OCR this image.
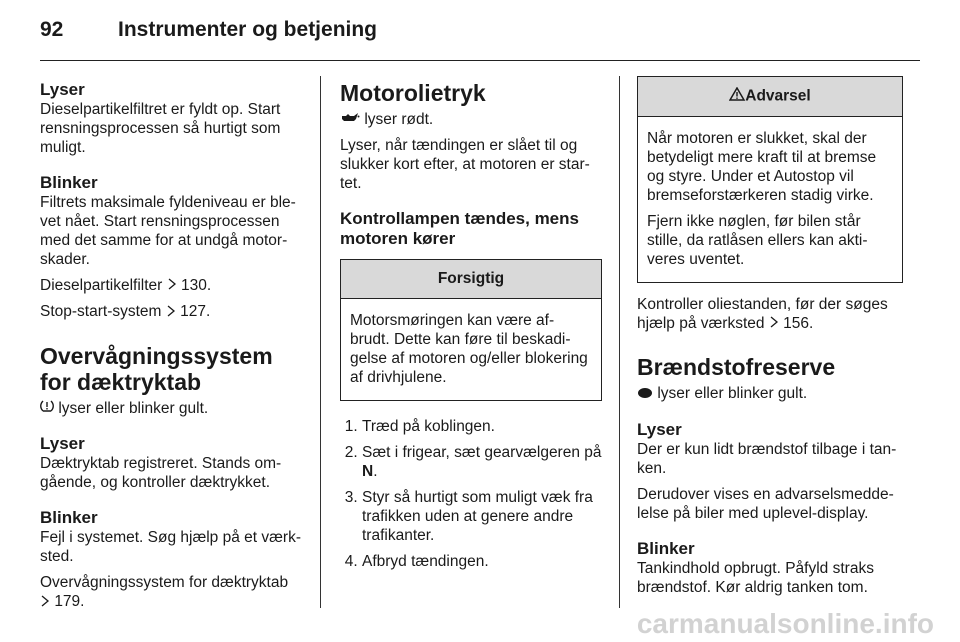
92	Instrumenter og betjening
Lyser

Dieselpartikelfiltret er fyldt op. Start rensningsprocessen så hurtigt som muligt.

Blinker

Filtrets maksimale fyldeniveau er ble-vet nået. Start rensningsprocessen med det samme for at undgå motor-skader.

Dieselpartikelfilter 130.

Stop-start-system 127.

Overvågningssystem for dæktryktab

lyser eller blinker gult.

Lyser

Dæktryktab registreret. Stands om-gående, og kontroller dæktrykket.

Blinker

Fejl i systemet. Søg hjælp på et værk-sted.

Overvågningssystem for dæktryktab
179.

Motorolietryk

lyser rødt.

Lyser, når tændingen er slået til og slukker kort efter, at motoren er star-tet.

Kontrollampen tændes, mens motoren kører
Forsigtig

Motorsmøringen kan være af-brudt. Dette kan føre til beskadi-gelse af motoren og/eller blokering af drivhjulene.

1. Træd på koblingen.
2. Sæt i frigear, sæt gearvælgeren på N.
3. Styr så hurtigt som muligt væk fra trafikken uden at genere andre trafikanter.
4. Afbryd tændingen.
Advarsel

Når motoren er slukket, skal der betydeligt mere kraft til at bremse og styre. Under et Autostop vil bremseforstærkeren stadig virke.

Fjern ikke nøglen, før bilen står stille, da ratlåsen ellers kan akti-veres uventet.

Kontroller oliestanden, før der søges hjælp på værksted 156.

Brændstofreserve

lyser eller blinker gult.

Lyser

Der er kun lidt brændstof tilbage i tan-ken.

Derudover vises en advarselsmedde-lelse på biler med uplevel-display.

Blinker

Tankindhold opbrugt. Påfyld straks brændstof. Kør aldrig tanken tom.

carmanualsonline.info
